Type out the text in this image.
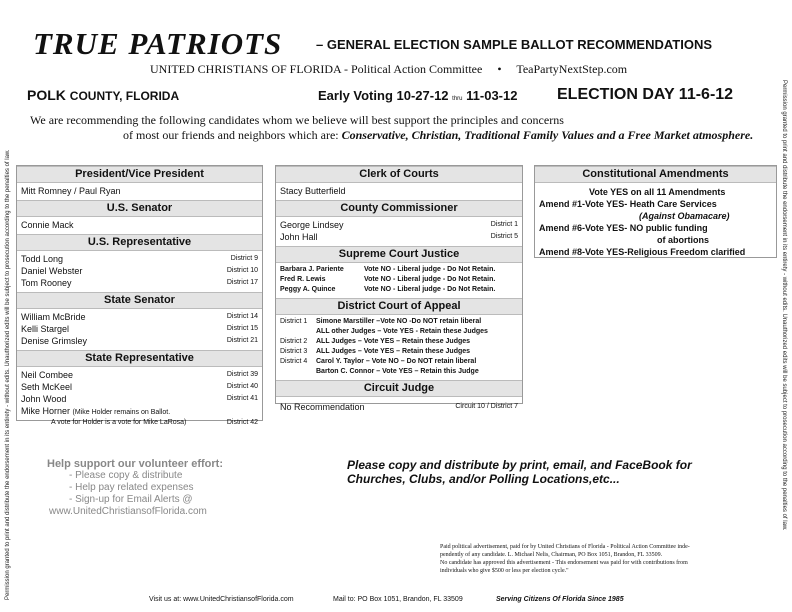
Permission granted to print and distribute the endorsement in its entirety - without edits. Unauthorized edits will be subject to prosecution according to the penalties of law.	Permission granted to print and distribute the endorsement in its entirety - without edits. Unauthorized edits will be subject to prosecution according to the penalties of law.
TRUE PATRIOTS	– GENERAL ELECTION SAMPLE BALLOT RECOMMENDATIONS
UNITED CHRISTIANS OF FLORIDA - Political Action Committee • TeaPartyNextStep.com
POLK COUNTY, FLORIDA	Early Voting 10-27-12 thru 11-03-12 ELECTION DAY 11-6-12
We are recommending the following candidates whom we believe will best support the principles and concerns
of most our friends and neighbors which are: Conservative, Christian, Traditional Family Values and a Free Market atmosphere.
President/Vice President
Mitt Romney / Paul Ryan
U.S. Senator
Connie Mack
U.S. Representative
Todd Long	District 9
Daniel Webster	District 10
Tom Rooney	District 17
State Senator
William McBride	District 14
Kelli Stargel	District 15
Denise Grimsley	District 21
State Representative
Neil Combee	District 39
Seth McKeel	District 40
John Wood	District 41
Mike Horner (Mike Holder remains on Ballot.
A vote for Holder is a vote for Mike LaRosa)	District 42
Clerk of Courts
Stacy Butterfield
County Commissioner
George Lindsey	District 1
John Hall	District 5
Supreme Court Justice
Barbara J. Pariente	Vote NO - Liberal judge - Do Not Retain.
Fred R. Lewis	Vote NO - Liberal judge - Do Not Retain.
Peggy A. Quince	Vote NO - Liberal judge - Do Not Retain.
District Court of Appeal
District 1 Simone Marstiller –Vote NO -Do NOT retain liberal
ALL other Judges – Vote YES - Retain these Judges
District 2 ALL Judges – Vote YES – Retain these Judges
District 3 ALL Judges – Vote YES – Retain these Judges
District 4 Carol Y. Taylor – Vote NO – Do NOT retain liberal
Barton C. Connor – Vote YES – Retain this Judge
Circuit Judge
No Recommendation	Circuit 10 / District 7
Constitutional Amendments
Vote YES on all 11 Amendments
Amend #1-Vote YES- Heath Care Services
(Against Obamacare)
Amend #6-Vote YES- NO public funding
of abortions
Amend #8-Vote YES-Religious Freedom clarified
Help support our volunteer effort:
- Please copy & distribute
- Help pay related expenses
- Sign-up for Email Alerts @
www.UnitedChristiansofFlorida.com
Please copy and distribute by print, email, and FaceBook for Churches, Clubs, and/or Polling Locations,etc...
Paid political advertisement, paid for by United Christians of Florida - Political Action Committee inde-
pendently of any candidate. L. Michael Nelis, Chairman, PO Box 1051, Brandon, FL 33509.
No candidate has approved this advertisement - This endorsement was paid for with contributions from
individuals who give $500 or less per election cycle."
Visit us at: www.UnitedChristiansofFlorida.com	Mail to: PO Box 1051, Brandon, FL 33509	Serving Citizens Of Florida Since 1985
